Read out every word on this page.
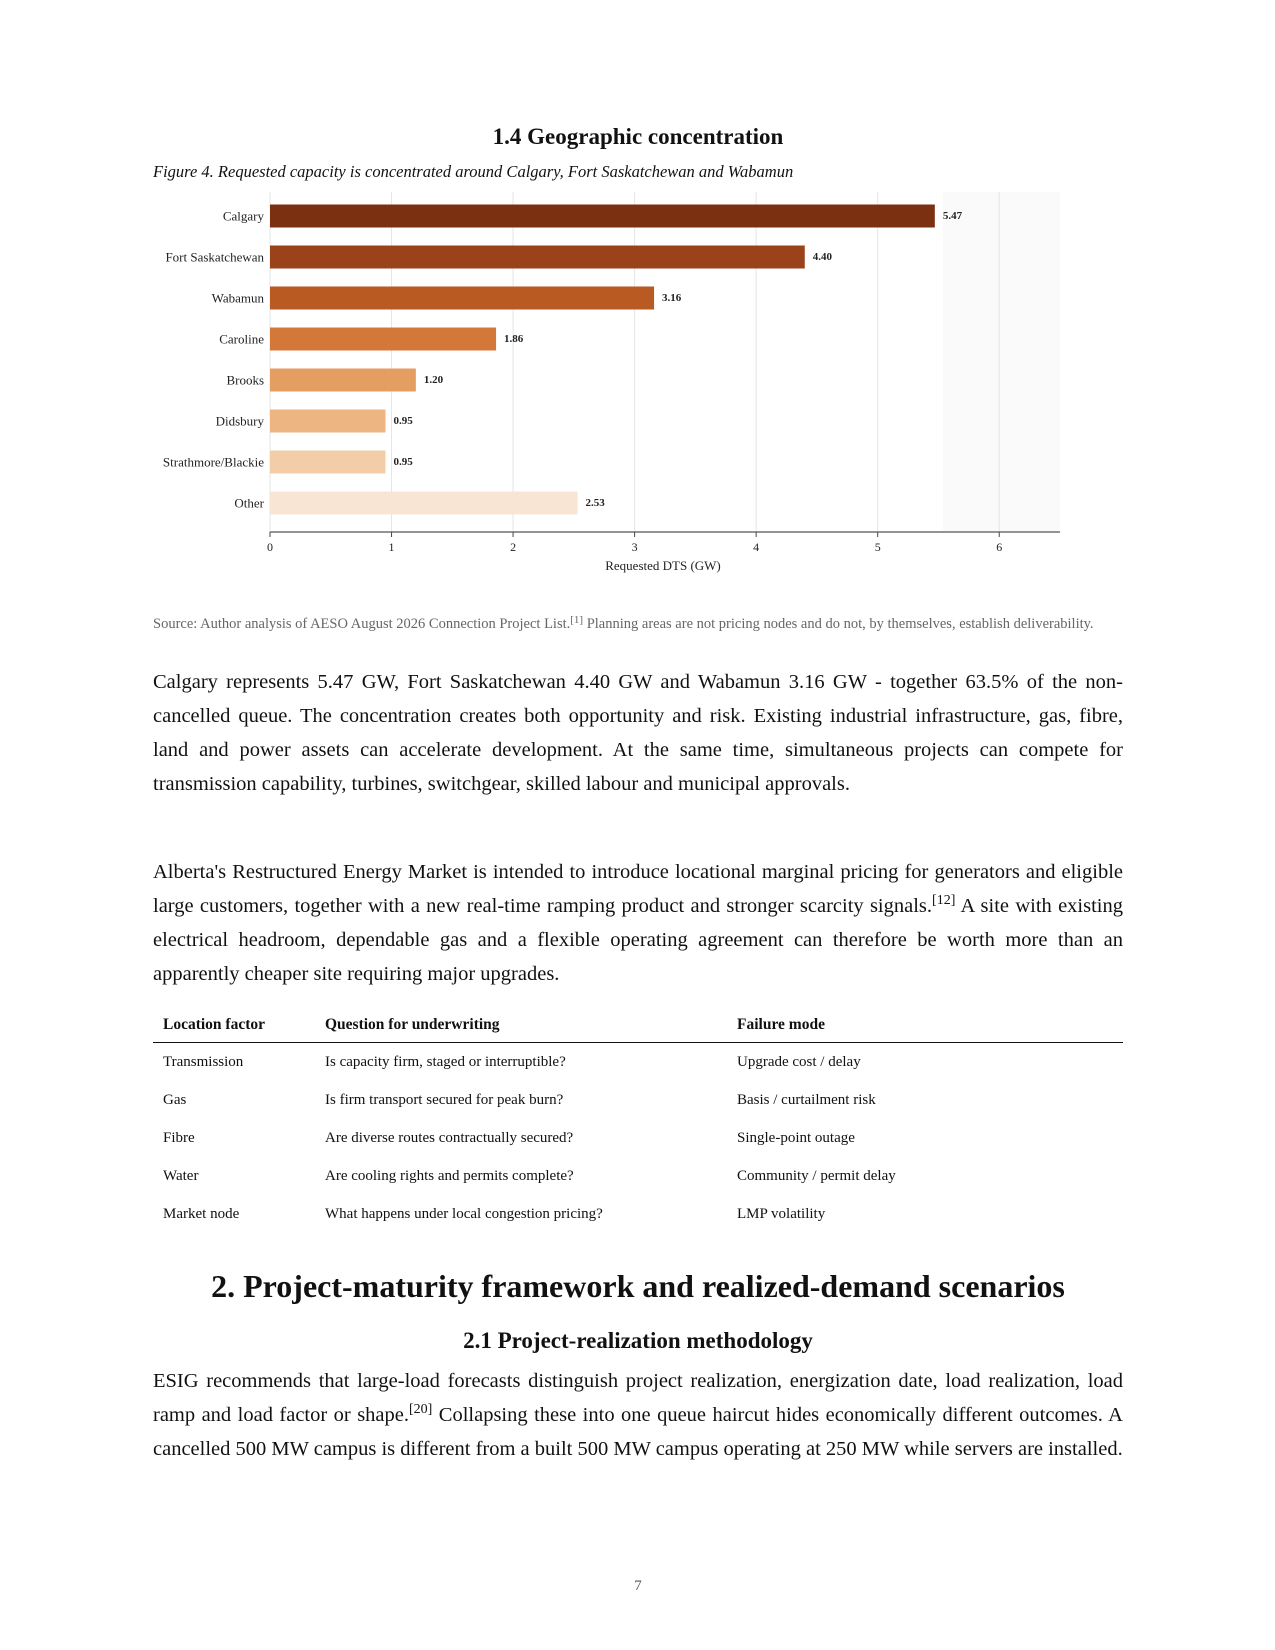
1.4 Geographic concentration

Figure 4. Requested capacity is concentrated around Calgary, Fort Saskatchewan and Wabamun

Calgary	5.47
Fort Saskatchewan	4.40
Wabamun	3.16
Caroline	1.86
Brooks	1.20
Didsbury	0.95
Strathmore/Blackie	0.95
Other	2.53
0	1	2	3	4	5	6
Requested DTS (GW)

Source: Author analysis of AESO August 2026 Connection Project List.[1] Planning areas are not pricing nodes and do not, by themselves, establish deliverability.

Calgary represents 5.47 GW, Fort Saskatchewan 4.40 GW and Wabamun 3.16 GW - together 63.5% of the non-cancelled queue. The concentration creates both opportunity and risk. Existing industrial infrastructure, gas, fibre, land and power assets can accelerate development. At the same time, simultaneous projects can compete for transmission capability, turbines, switchgear, skilled labour and municipal approvals.

Alberta's Restructured Energy Market is intended to introduce locational marginal pricing for generators and eligible large customers, together with a new real-time ramping product and stronger scarcity signals.[12] A site with existing electrical headroom, dependable gas and a flexible operating agreement can therefore be worth more than an apparently cheaper site requiring major upgrades.

Location factor	Question for underwriting	Failure mode
Transmission	Is capacity firm, staged or interruptible?	Upgrade cost / delay
Gas	Is firm transport secured for peak burn?	Basis / curtailment risk
Fibre	Are diverse routes contractually secured?	Single-point outage
Water	Are cooling rights and permits complete?	Community / permit delay
Market node	What happens under local congestion pricing?	LMP volatility
2. Project-maturity framework and realized-demand scenarios
2.1 Project-realization methodology

ESIG recommends that large-load forecasts distinguish project realization, energization date, load realization, load ramp and load factor or shape.[20] Collapsing these into one queue haircut hides economically different outcomes. A cancelled 500 MW campus is different from a built 500 MW campus operating at 250 MW while servers are installed.

7
